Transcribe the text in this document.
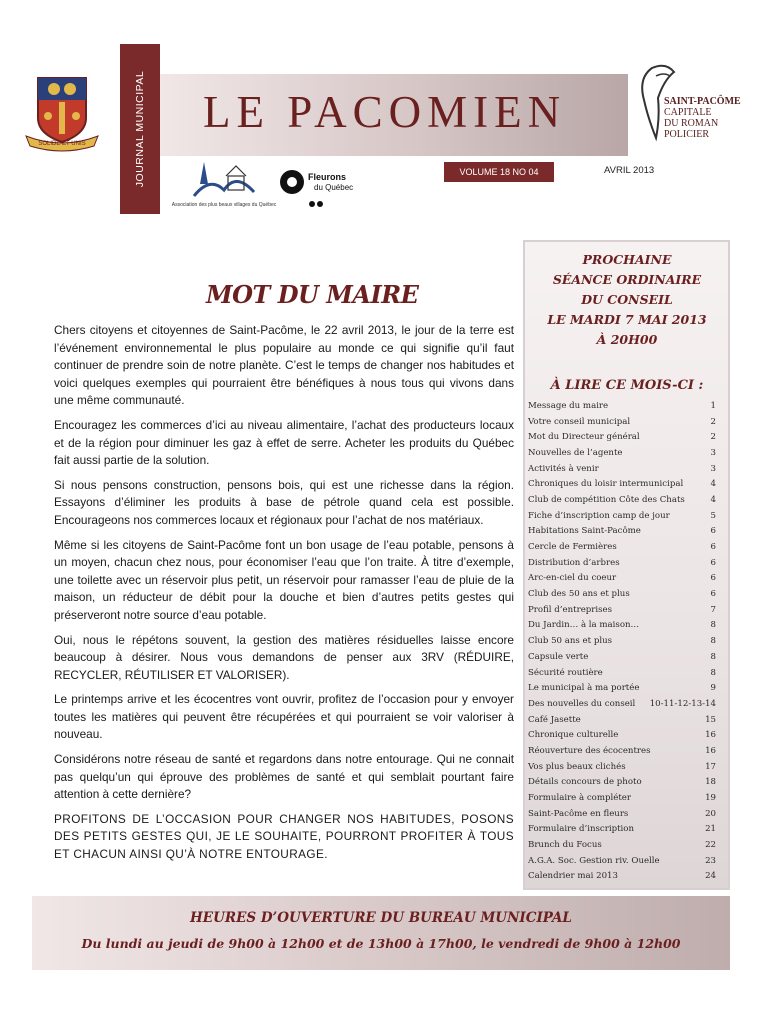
SOLIDE ET UNIS	JOURNAL MUNICIPAL LE PACOMIEN
VOLUME 18 NO 04	AVRIL 2013
SAINT-PACÔME
CAPITALE
DU ROMAN
POLICIER
Association des plus beaux villages du Québec
Fleurons
du Québec
PROCHAINE
SÉANCE ORDINAIRE
DU CONSEIL
LE MARDI 7 MAI 2013
À 20H00
À LIRE CE MOIS-CI :
Message du maire	1
Votre conseil municipal	2
Mot du Directeur général	2
Nouvelles de l’agente	3
Activités à venir	3
Chroniques du loisir intermunicipal	4
Club de compétition Côte des Chats	4
Fiche d’inscription camp de jour	5
Habitations Saint-Pacôme	6
Cercle de Fermières	6
Distribution d’arbres	6
Arc-en-ciel du coeur	6
Club des 50 ans et plus	6
Profil d’entreprises	7
Du Jardin… à la maison…	8
Club 50 ans et plus	8
Capsule verte	8
Sécurité routière	8
Le municipal à ma portée	9
Des nouvelles du conseil	10-11-12-13-14
Café Jasette	15
Chronique culturelle	16
Réouverture des écocentres	16
Vos plus beaux clichés	17
Détails concours de photo	18
Formulaire à compléter	19
Saint-Pacôme en fleurs	20
Formulaire d’inscription	21
Brunch du Focus	22
A.G.A. Soc. Gestion riv. Ouelle	23
Calendrier mai 2013	24
MOT DU MAIRE

Chers citoyens et citoyennes de Saint-Pacôme, le 22 avril 2013, le jour de la terre est l’événement environnemental le plus populaire au monde ce qui signifie qu’il faut continuer de prendre soin de notre planète. C’est le temps de changer nos habitudes et voici quelques exemples qui pourraient être bénéfiques à nous tous qui vivons dans une même communauté.

Encouragez les commerces d’ici au niveau alimentaire, l’achat des producteurs locaux et de la région pour diminuer les gaz à effet de serre. Acheter les produits du Québec fait aussi partie de la solution.

Si nous pensons construction, pensons bois, qui est une richesse dans la région. Essayons d’éliminer les produits à base de pétrole quand cela est possible. Encourageons nos commerces locaux et régionaux pour l’achat de nos matériaux.

Même si les citoyens de Saint-Pacôme font un bon usage de l’eau potable, pensons à un moyen, chacun chez nous, pour économiser l’eau que l’on traite. À titre d’exemple, une toilette avec un réservoir plus petit, un réservoir pour ramasser l’eau de pluie de la maison, un réducteur de débit pour la douche et bien d’autres petits gestes qui préserveront notre source d’eau potable.

Oui, nous le répétons souvent, la gestion des matières résiduelles laisse encore beaucoup à désirer. Nous vous demandons de penser aux 3RV (RÉDUIRE, RECYCLER, RÉUTILISER ET VALORISER).

Le printemps arrive et les écocentres vont ouvrir, profitez de l’occasion pour y envoyer toutes les matières qui peuvent être récupérées et qui pourraient se voir valoriser à nouveau.

Considérons notre réseau de santé et regardons dans notre entourage. Qui ne connait pas quelqu’un qui éprouve des problèmes de santé et qui semblait pourtant faire attention à cette dernière?

PROFITONS DE L’OCCASION POUR CHANGER NOS HABITUDES, POSONS DES PETITS GESTES QUI, JE LE SOUHAITE, POURRONT PROFITER À TOUS ET CHACUN AINSI QU’À NOTRE ENTOURAGE.

HEURES D’OUVERTURE DU BUREAU MUNICIPAL
Du lundi au jeudi de 9h00 à 12h00 et de 13h00 à 17h00, le vendredi de 9h00 à 12h00
